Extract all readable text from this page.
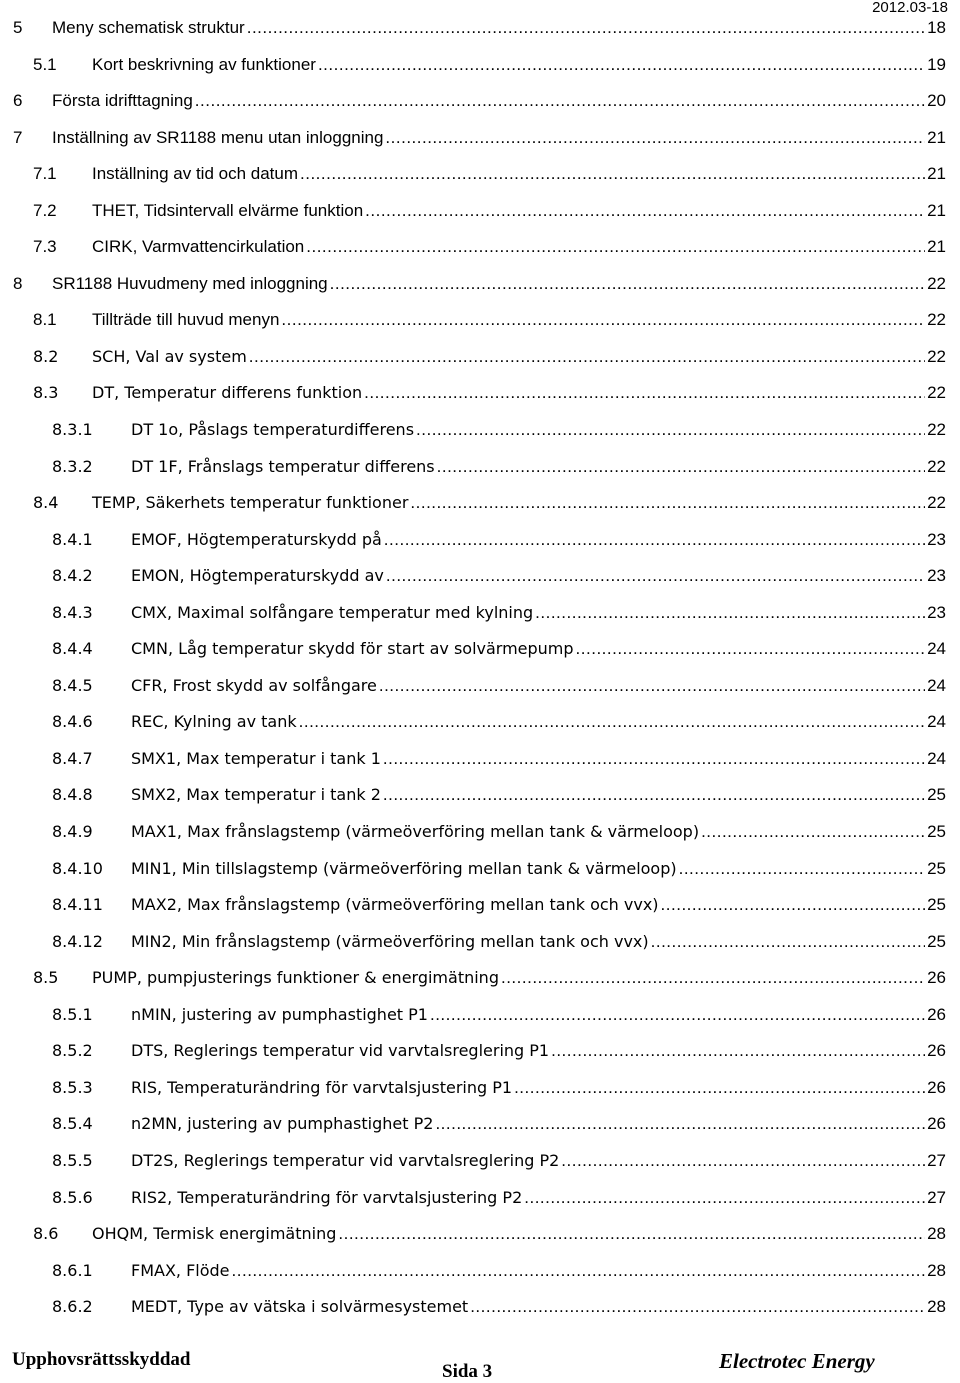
2012.03-18
5 Meny schematisk struktur .....	18
5.1 Kort beskrivning av funktioner .....	19
6 Första idrifttagning .....	20
7 Inställning av SR1188 menu utan inloggning .....	21
7.1 Inställning av tid och datum .....	21
7.2 THET, Tidsintervall elvärme funktion .....	21
7.3 CIRK, Varmvattencirkulation .....	21
8 SR1188 Huvudmeny med inloggning .....	22
8.1 Tillträde till huvud menyn .....	22
8.2 SCH, Val av system .....	22
8.3 DT, Temperatur differens funktion .....	22
8.3.1 DT 1o, Påslags temperaturdifferens .....	22
8.3.2 DT 1F, Frånslags temperatur differens .....	22
8.4 TEMP, Säkerhets temperatur funktioner .....	22
8.4.1 EMOF, Högtemperaturskydd på .....	23
8.4.2 EMON, Högtemperaturskydd av .....	23
8.4.3 CMX, Maximal solfångare temperatur med kylning .....	23
8.4.4 CMN, Låg temperatur skydd för start av solvärmepump .....	24
8.4.5 CFR, Frost skydd av solfångare .....	24
8.4.6 REC, Kylning av tank .....	24
8.4.7 SMX1, Max temperatur i tank 1 .....	24
8.4.8 SMX2, Max temperatur i tank 2 .....	25
8.4.9 MAX1, Max frånslagstemp (värmeöverföring mellan tank & värmeloop) .....	25
8.4.10 MIN1, Min tillslagstemp (värmeöverföring mellan tank & värmeloop) .....	25
8.4.11 MAX2, Max frånslagstemp (värmeöverföring mellan tank och vvx) .....	25
8.4.12 MIN2, Min frånslagstemp (värmeöverföring mellan tank och vvx) .....	25
8.5 PUMP, pumpjusterings funktioner & energimätning .....	26
8.5.1 nMIN, justering av pumphastighet P1 .....	26
8.5.2 DTS, Reglerings temperatur vid varvtalsreglering P1 .....	26
8.5.3 RIS, Temperaturändring för varvtalsjustering P1 .....	26
8.5.4 n2MN, justering av pumphastighet P2 .....	26
8.5.5 DT2S, Reglerings temperatur vid varvtalsreglering P2 .....	27
8.5.6 RIS2, Temperaturändring för varvtalsjustering P2 .....	27
8.6 OHQM, Termisk energimätning .....	28
8.6.1 FMAX, Flöde .....	28
8.6.2 MEDT, Type av vätska i solvärmesystemet .....	28
Upphovsrättsskyddad
Sida 3	Electrotec Energy
